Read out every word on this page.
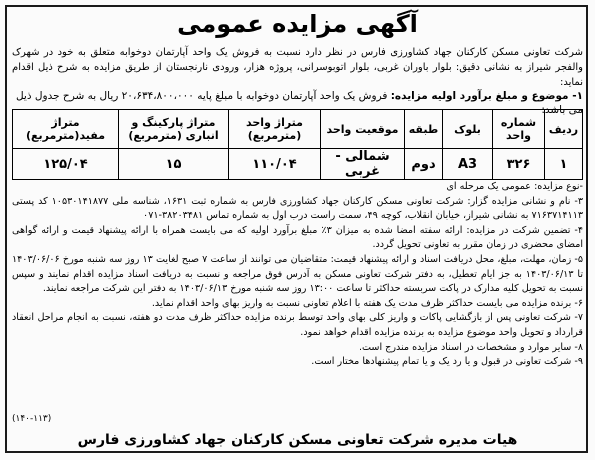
آگهی مزایده عمومی
شرکت تعاونی مسکن کارکنان جهاد کشاورزی فارس در نظر دارد نسبت به فروش یک واحد آپارتمان دوخوابه متعلق به خود در شهرک والفجر شیراز به نشانی دقیق: بلوار باوران غربی، بلوار اتوبوسرانی، پروژه هزار، ورودی نارنجستان از طریق مزایده به شرح ذیل اقدام نماید:
۱- موضوع و مبلغ برآورد اولیه مزایده: فروش یک واحد آپارتمان دوخوابه با مبلغ پایه ۲۰،۶۳۴،۸۰۰،۰۰۰ ریال به شرح جدول ذیل می باشد:
ردیف	شماره واحد	بلوک	طبقه	موقعیت واحد	متراژ واحد (مترمربع)	متراژ پارکینگ و انباری (مترمربع)	متراژ مفید(مترمربع)
۱	۳۲۶	A3	دوم	شمالی - غربی	۱۱۰/۰۴	۱۵	۱۲۵/۰۴

-نوع مزایده: عمومی یک مرحله ای

۳- نام و نشانی مزایده گزار: شرکت تعاونی مسکن کارکنان جهاد کشاورزی فارس به شماره ثبت ۱۶۳۱، شناسه ملی ۱۰۵۳۰۱۴۱۸۷۷ کد پستی ۷۱۶۳۷۱۴۱۱۳ به نشانی شیراز، خیابان انقلاب، کوچه ۴۹، سمت راست درب اول به شماره تماس ۳۸۲۰۳۴۸۱-۰۷۱

۴- تضمین شرکت در مزایده: ارائه سفته امضا شده به میزان ۳٪ مبلغ برآورد اولیه که می بایست همراه با ارائه پیشنهاد قیمت و ارائه گواهی امضای محضری در زمان مقرر به تعاونی تحویل گردد.

۵- زمان، مهلت، مبلغ، محل دریافت اسناد و ارائه پیشنهاد قیمت: متقاضیان می توانند از ساعت ۷ صبح لغایت ۱۳ روز سه شنبه مورخ ۱۴۰۳/۰۶/۰۶ تا ۱۴۰۳/۰۶/۱۳ به جز ایام تعطیل، به دفتر شرکت تعاونی مسکن به آدرس فوق مراجعه و نسبت به دریافت اسناد مزایده اقدام نمایند و سپس نسبت به تحویل کلیه مدارک در پاکت سربسته حداکثر تا ساعت ۱۳:۰۰ روز سه شنبه مورخ ۱۴۰۳/۰۶/۱۳ به دفتر این شرکت مراجعه نمایند.

۶- برنده مزایده می بایست حداکثر ظرف مدت یک هفته با اعلام تعاونی نسبت به واریز بهای واحد اقدام نماید.

۷- شرکت تعاونی پس از بازگشایی پاکات و واریز کلی بهای واحد توسط برنده مزایده حداکثر ظرف مدت دو هفته، نسبت به انجام مراحل انعقاد قرارداد و تحویل واحد موضوع مزایده به برنده مزایده اقدام خواهد نمود.

۸- سایر موارد و مشخصات در اسناد مزایده مندرج است.

۹- شرکت تعاونی در قبول و یا رد یک و یا تمام پیشنهادها مختار است.

(۱۴۰-۱۱۳)
هیات مدیره شرکت تعاونی مسکن کارکنان جهاد کشاورزی فارس
